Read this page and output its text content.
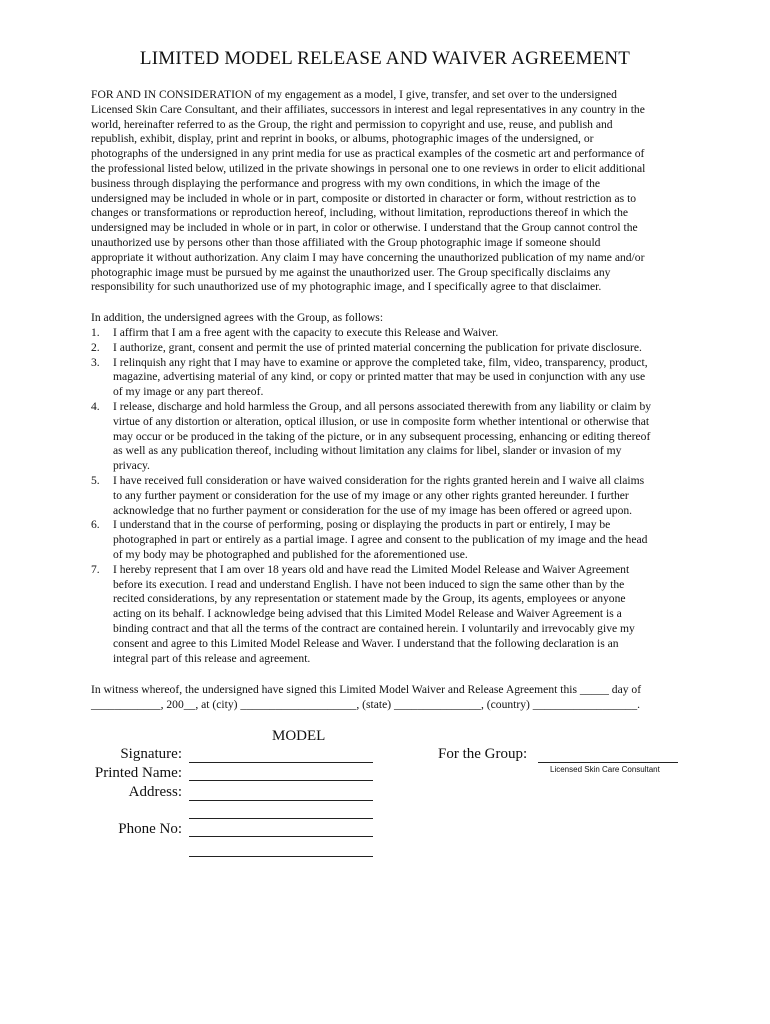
LIMITED MODEL RELEASE AND WAIVER AGREEMENT
FOR AND IN CONSIDERATION of my engagement as a model, I give, transfer, and set over to the undersigned
Licensed Skin Care Consultant, and their affiliates, successors in interest and legal representatives in any country in the
world, hereinafter referred to as the Group, the right and permission to copyright and use, reuse, and publish and
republish, exhibit, display, print and reprint in books, or albums, photographic images of the undersigned, or
photographs of the undersigned in any print media for use as practical examples of the cosmetic art and performance of
the professional listed below, utilized in the private showings in personal one to one reviews in order to elicit additional
business through displaying the performance and progress with my own conditions, in which the image of the
undersigned may be included in whole or in part, composite or distorted in character or form, without restriction as to
changes or transformations or reproduction hereof, including, without limitation, reproductions thereof in which the
undersigned may be included in whole or in part, in color or otherwise. I understand that the Group cannot control the
unauthorized use by persons other than those affiliated with the Group photographic image if someone should
appropriate it without authorization. Any claim I may have concerning the unauthorized publication of my name and/or
photographic image must be pursued by me against the unauthorized user. The Group specifically disclaims any
responsibility for such unauthorized use of my photographic image, and I specifically agree to that disclaimer.
In addition, the undersigned agrees with the Group, as follows:
1. I affirm that I am a free agent with the capacity to execute this Release and Waiver.
2. I authorize, grant, consent and permit the use of printed material concerning the publication for private disclosure.
3. I relinquish any right that I may have to examine or approve the completed take, film, video, transparency, product,
magazine, advertising material of any kind, or copy or printed matter that may be used in conjunction with any use
of my image or any part thereof.
4. I release, discharge and hold harmless the Group, and all persons associated therewith from any liability or claim by
virtue of any distortion or alteration, optical illusion, or use in composite form whether intentional or otherwise that
may occur or be produced in the taking of the picture, or in any subsequent processing, enhancing or editing thereof
as well as any publication thereof, including without limitation any claims for libel, slander or invasion of my
privacy.
5. I have received full consideration or have waived consideration for the rights granted herein and I waive all claims
to any further payment or consideration for the use of my image or any other rights granted hereunder. I further
acknowledge that no further payment or consideration for the use of my image has been offered or agreed upon.
6. I understand that in the course of performing, posing or displaying the products in part or entirely, I may be
photographed in part or entirely as a partial image. I agree and consent to the publication of my image and the head
of my body may be photographed and published for the aforementioned use.
7. I hereby represent that I am over 18 years old and have read the Limited Model Release and Waiver Agreement
before its execution. I read and understand English. I have not been induced to sign the same other than by the
recited considerations, by any representation or statement made by the Group, its agents, employees or anyone
acting on its behalf. I acknowledge being advised that this Limited Model Release and Waiver Agreement is a
binding contract and that all the terms of the contract are contained herein. I voluntarily and irrevocably give my
consent and agree to this Limited Model Release and Waver. I understand that the following declaration is an
integral part of this release and agreement.
In witness whereof, the undersigned have signed this Limited Model Waiver and Release Agreement this _____ day of
____________, 200__, at (city) ____________________, (state) _______________, (country) __________________.
MODEL
Signature:
Printed Name:
Address:
Phone No:
For the Group:
Licensed Skin Care Consultant
